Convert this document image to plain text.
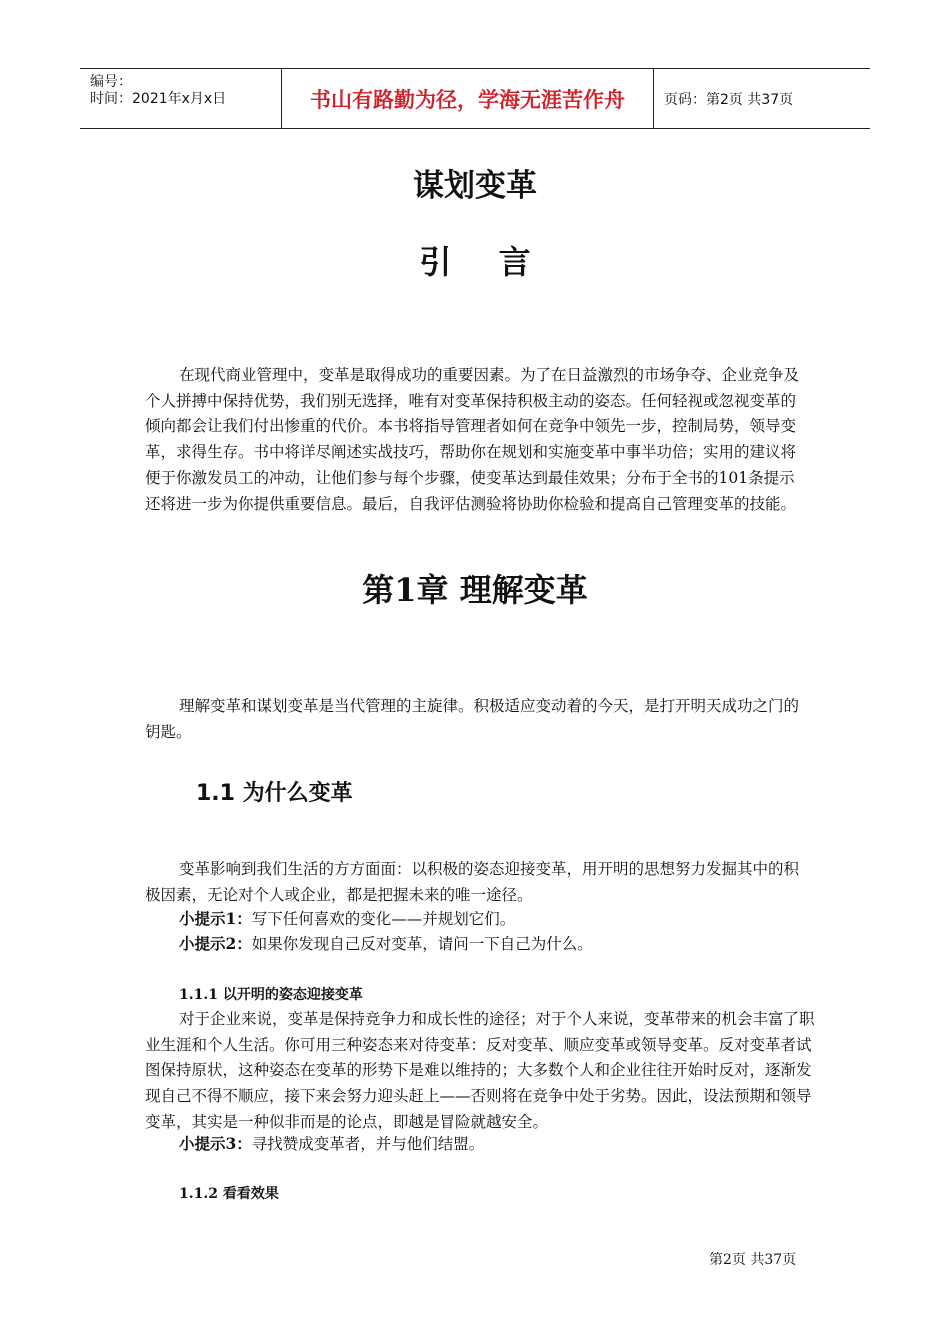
编号：
时间：2021年x月x日	书山有路勤为径，学海无涯苦作舟	页码：第2页 共37页
谋划变革
引 言

在现代商业管理中，变革是取得成功的重要因素。为了在日益激烈的市场争夺、企业竞争及个人拼搏中保持优势，我们别无选择，唯有对变革保持积极主动的姿态。任何轻视或忽视变革的倾向都会让我们付出惨重的代价。本书将指导管理者如何在竞争中领先一步，控制局势，领导变革，求得生存。书中将详尽阐述实战技巧，帮助你在规划和实施变革中事半功倍；实用的建议将便于你激发员工的冲动，让他们参与每个步骤，使变革达到最佳效果；分布于全书的101条提示还将进一步为你提供重要信息。最后，自我评估测验将协助你检验和提高自己管理变革的技能。

第1章 理解变革

理解变革和谋划变革是当代管理的主旋律。积极适应变动着的今天，是打开明天成功之门的钥匙。

1.1 为什么变革

变革影响到我们生活的方方面面：以积极的姿态迎接变革，用开明的思想努力发掘其中的积极因素，无论对个人或企业，都是把握未来的唯一途径。

小提示1：写下任何喜欢的变化——并规划它们。
小提示2：如果你发现自己反对变革，请问一下自己为什么。
1.1.1 以开明的姿态迎接变革

对于企业来说，变革是保持竞争力和成长性的途径；对于个人来说，变革带来的机会丰富了职业生涯和个人生活。你可用三种姿态来对待变革：反对变革、顺应变革或领导变革。反对变革者试图保持原状，这种姿态在变革的形势下是难以维持的；大多数个人和企业往往开始时反对，逐渐发现自己不得不顺应，接下来会努力迎头赶上——否则将在竞争中处于劣势。因此，设法预期和领导变革，其实是一种似非而是的论点，即越是冒险就越安全。

小提示3：寻找赞成变革者，并与他们结盟。
1.1.2 看看效果
第2页 共37页
